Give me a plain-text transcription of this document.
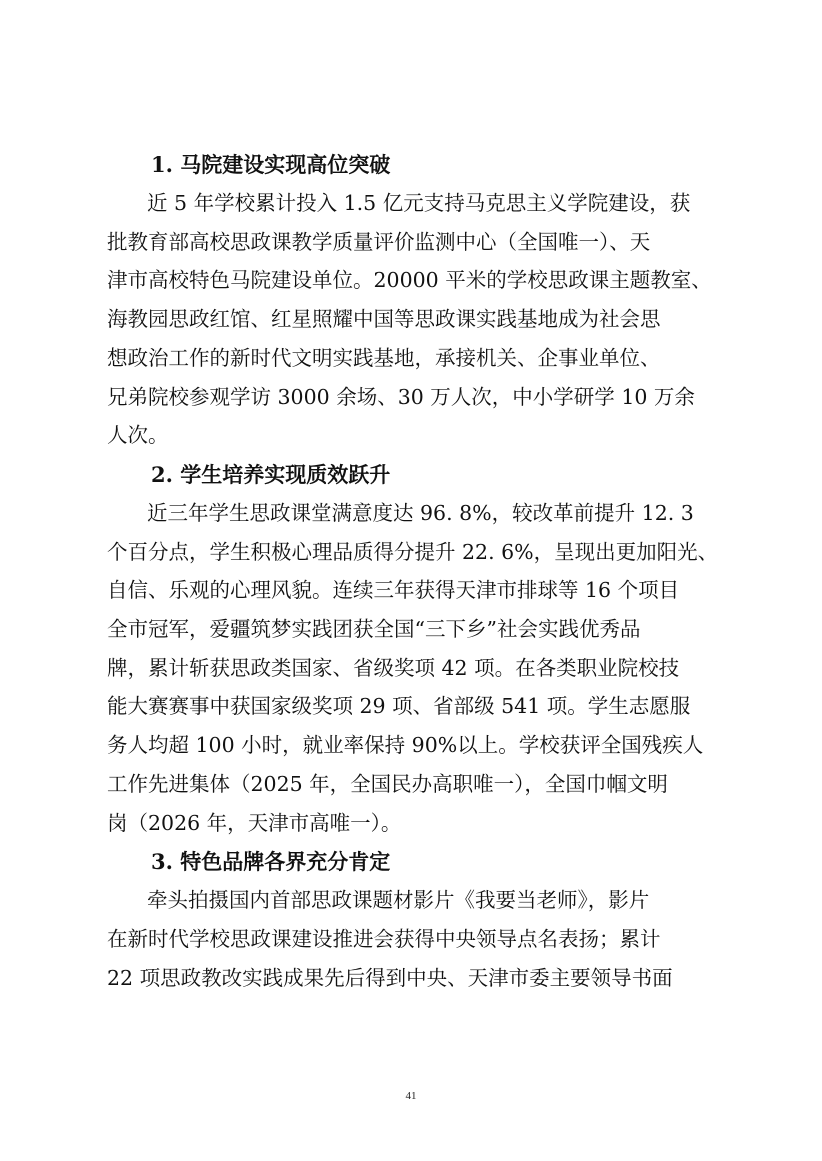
1. 马院建设实现高位突破

近 5 年学校累计投入 1.5 亿元支持马克思主义学院建设，获
批教育部高校思政课教学质量评价监测中心（全国唯一）、天
津市高校特色马院建设单位。20000 平米的学校思政课主题教室、
海教园思政红馆、红星照耀中国等思政课实践基地成为社会思
想政治工作的新时代文明实践基地，承接机关、企事业单位、
兄弟院校参观学访 3000 余场、30 万人次，中小学研学 10 万余
人次。

2. 学生培养实现质效跃升

近三年学生思政课堂满意度达 96. 8%，较改革前提升 12. 3
个百分点，学生积极心理品质得分提升 22. 6%，呈现出更加阳光、
自信、乐观的心理风貌。连续三年获得天津市排球等 16 个项目
全市冠军，爱疆筑梦实践团获全国“三下乡”社会实践优秀品
牌，累计斩获思政类国家、省级奖项 42 项。在各类职业院校技
能大赛赛事中获国家级奖项 29 项、省部级 541 项。学生志愿服
务人均超 100 小时，就业率保持 90%以上。学校获评全国残疾人
工作先进集体（2025 年，全国民办高职唯一），全国巾帼文明
岗（2026 年，天津市高唯一）。

3. 特色品牌各界充分肯定

牵头拍摄国内首部思政课题材影片《我要当老师》，影片
在新时代学校思政课建设推进会获得中央领导点名表扬；累计
22 项思政教改实践成果先后得到中央、天津市委主要领导书面

41
